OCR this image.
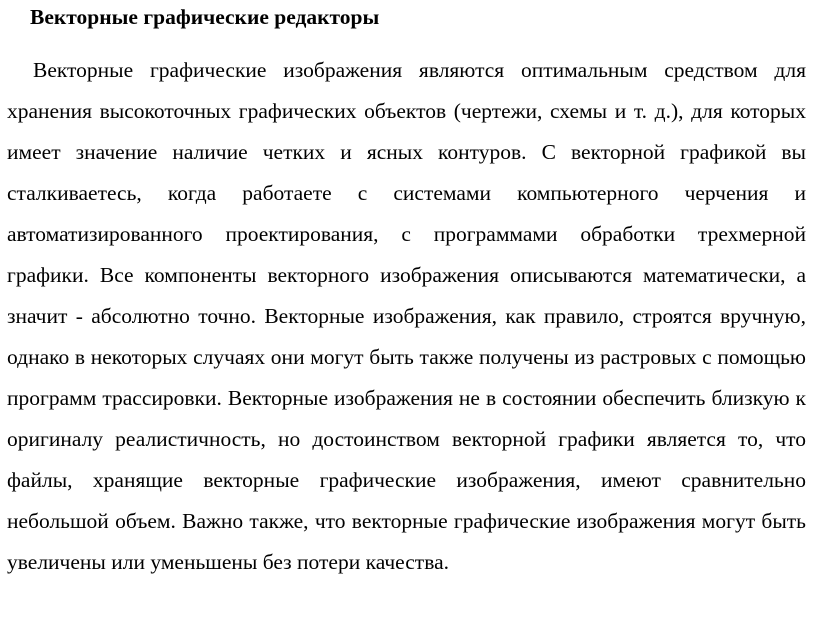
Векторные графические редакторы

Векторные графические изображения являются оптимальным средством для хранения высокоточных графических объектов (чертежи, схемы и т. д.), для которых имеет значение наличие четких и ясных контуров. С векторной графикой вы сталкиваетесь, когда работаете с системами компьютерного черчения и автоматизированного проектирования, с программами обработки трехмерной графики. Все компоненты векторного изображения описываются математически, а значит - абсолютно точно. Векторные изображения, как правило, строятся вручную, однако в некоторых случаях они могут быть также получены из растровых с помощью программ трассировки. Векторные изображения не в состоянии обеспечить близкую к оригиналу реалистичность, но достоинством векторной графики является то, что файлы, хранящие векторные графические изображения, имеют сравнительно небольшой объем. Важно также, что векторные графические изображения могут быть увеличены или уменьшены без потери качества.
